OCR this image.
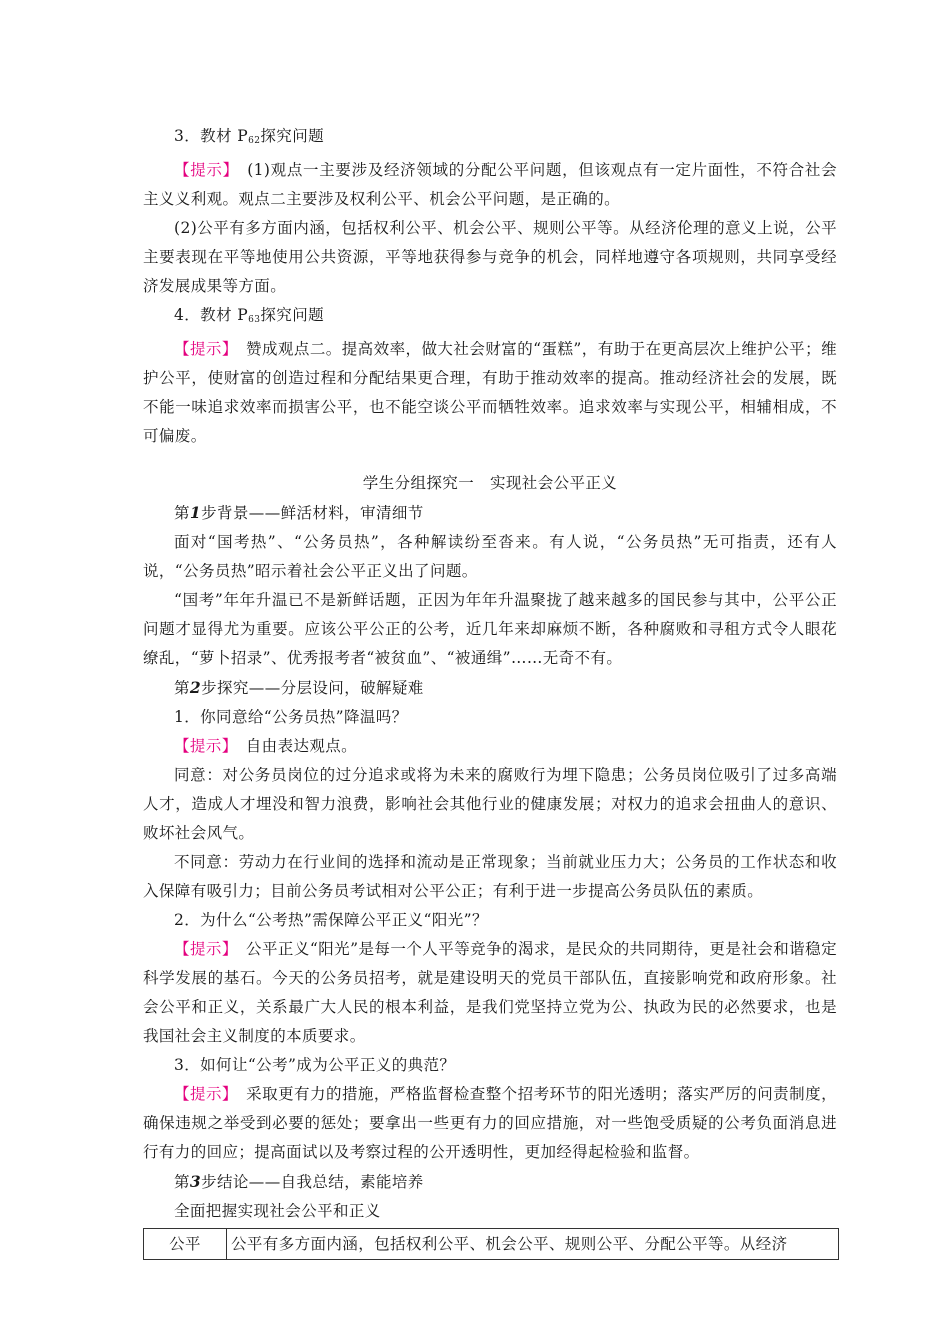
3．教材 $P_{62}$探究问题

【提示】　 (1)观点一主要涉及经济领域的分配公平问题，但该观点有一定片面性，不符合社会主义义利观。观点二主要涉及权利公平、机会公平问题，是正确的。

(2)公平有多方面内涵，包括权利公平、机会公平、规则公平等。从经济伦理的意义上说，公平主要表现在平等地使用公共资源，平等地获得参与竞争的机会，同样地遵守各项规则，共同享受经济发展成果等方面。

4．教材 $P_{63}$探究问题

【提示】　 赞成观点二。提高效率，做大社会财富的“蛋糕”，有助于在更高层次上维护公平；维护公平，使财富的创造过程和分配结果更合理，有助于推动效率的提高。推动经济社会的发展，既不能一味追求效率而损害公平，也不能空谈公平而牺牲效率。追求效率与实现公平，相辅相成，不可偏废。

学生分组探究一　实现社会公平正义

第1步背景——鲜活材料，审清细节

面对“国考热”、“公务员热”，各种解读纷至沓来。有人说，“公务员热”无可指责，还有人说，“公务员热”昭示着社会公平正义出了问题。

“国考”年年升温已不是新鲜话题，正因为年年升温聚拢了越来越多的国民参与其中，公平公正问题才显得尤为重要。应该公平公正的公考，近几年来却麻烦不断，各种腐败和寻租方式令人眼花缭乱，“萝卜招录”、优秀报考者“被贫血”、“被通缉”……无奇不有。

第2步探究——分层设问，破解疑难

1．你同意给“公务员热”降温吗？

【提示】　 自由表达观点。

同意：对公务员岗位的过分追求或将为未来的腐败行为埋下隐患；公务员岗位吸引了过多高端人才，造成人才埋没和智力浪费，影响社会其他行业的健康发展；对权力的追求会扭曲人的意识、败坏社会风气。

不同意：劳动力在行业间的选择和流动是正常现象；当前就业压力大；公务员的工作状态和收入保障有吸引力；目前公务员考试相对公平公正；有利于进一步提高公务员队伍的素质。

2．为什么“公考热”需保障公平正义“阳光”？

【提示】　 公平正义“阳光”是每一个人平等竞争的渴求，是民众的共同期待，更是社会和谐稳定科学发展的基石。今天的公务员招考，就是建设明天的党员干部队伍，直接影响党和政府形象。社会公平和正义，关系最广大人民的根本利益，是我们党坚持立党为公、执政为民的必然要求，也是我国社会主义制度的本质要求。

3．如何让“公考”成为公平正义的典范？

【提示】　 采取更有力的措施，严格监督检查整个招考环节的阳光透明；落实严厉的问责制度，确保违规之举受到必要的惩处；要拿出一些更有力的回应措施，对一些饱受质疑的公考负面消息进行有力的回应；提高面试以及考察过程的公开透明性，更加经得起检验和监督。

第3步结论——自我总结，素能培养

全面把握实现社会公平和正义

公平	公平有多方面内涵，包括权利公平、机会公平、规则公平、分配公平等。从经济
